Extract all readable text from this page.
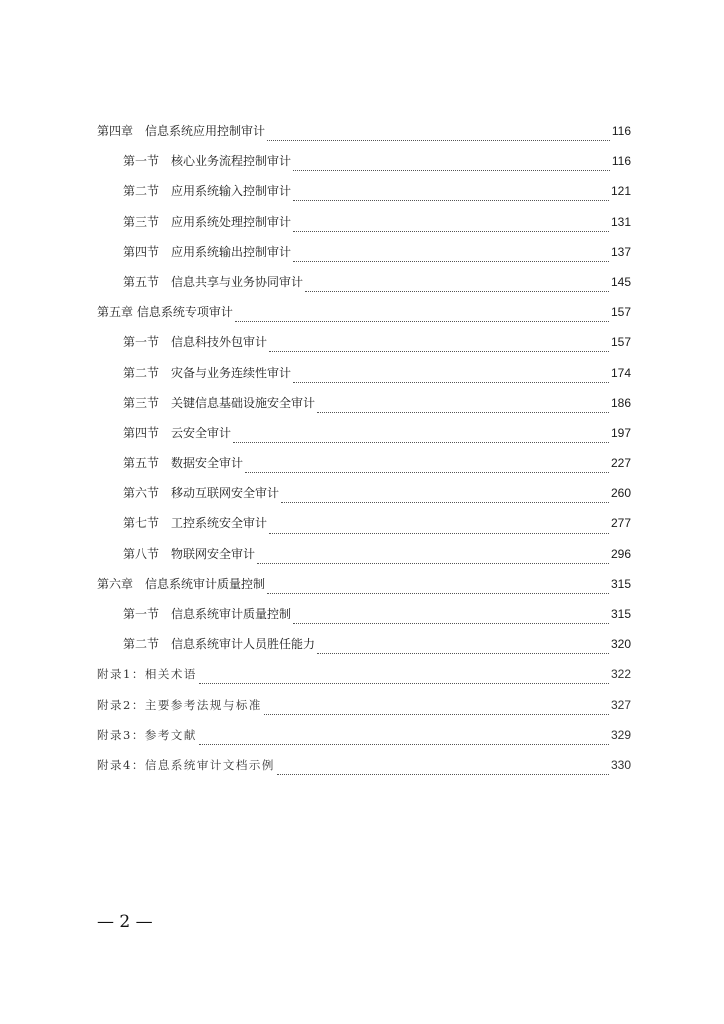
第四章　信息系统应用控制审计	116
第一节　核心业务流程控制审计	116
第二节　应用系统输入控制审计	121
第三节　应用系统处理控制审计	131
第四节　应用系统输出控制审计	137
第五节　信息共享与业务协同审计	145
第五章 信息系统专项审计	157
第一节　信息科技外包审计	157
第二节　灾备与业务连续性审计	174
第三节　关键信息基础设施安全审计	186
第四节　云安全审计	197
第五节　数据安全审计	227
第六节　移动互联网安全审计	260
第七节　工控系统安全审计	277
第八节　物联网安全审计	296
第六章　信息系统审计质量控制	315
第一节　信息系统审计质量控制	315
第二节　信息系统审计人员胜任能力	320
附录1：相关术语	322
附录2：主要参考法规与标准	327
附录3：参考文献	329
附录4：信息系统审计文档示例	330
— 2 —
